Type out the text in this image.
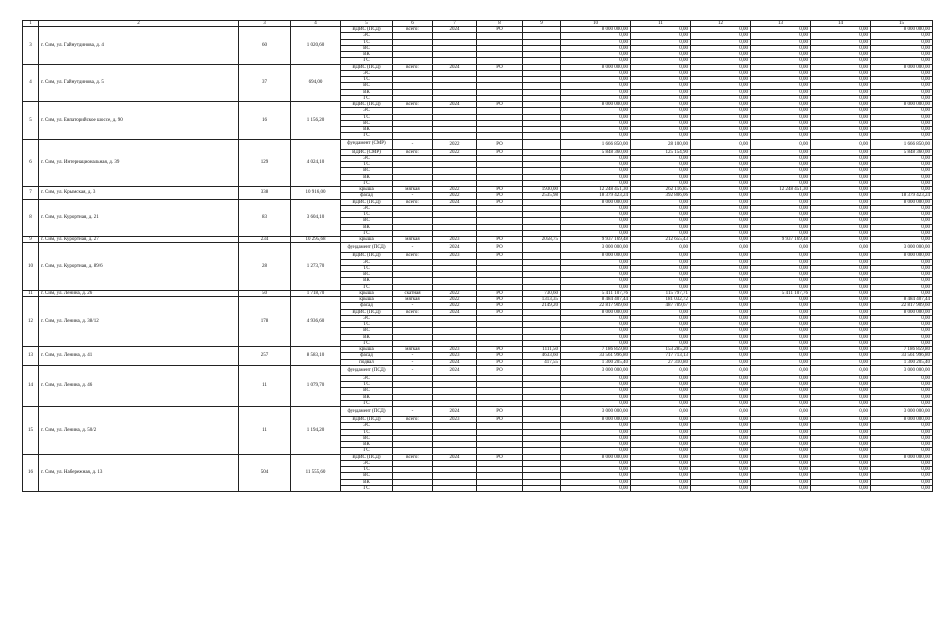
1	2	3	4	5	6	7	8	9	10	11	12	13	14	15
3	г. Сим, ул. Гайнутдинова, д. 4	60	1 020,60	ВДИС (ПСД)	всего:	2024	РО		8 000 000,00	0,00	0,00	0,00	0,00	8 000 000,00
				ЭС					0,00	0,00	0,00	0,00	0,00	0,00
				ТС					0,00	0,00	0,00	0,00	0,00	0,00
				ВС					0,00	0,00	0,00	0,00	0,00	0,00
				ВК					0,00	0,00	0,00	0,00	0,00	0,00
				ГС					0,00	0,00	0,00	0,00	0,00	0,00
4	г. Сим, ул. Гайнутдинова, д. 5	37	694,00	ВДИС (ПСД)	всего:	2024	РО		8 000 000,00	0,00	0,00	0,00	0,00	8 000 000,00
				ЭС					0,00	0,00	0,00	0,00	0,00	0,00
				ТС					0,00	0,00	0,00	0,00	0,00	0,00
				ВС					0,00	0,00	0,00	0,00	0,00	0,00
				ВК					0,00	0,00	0,00	0,00	0,00	0,00
				ГС					0,00	0,00	0,00	0,00	0,00	0,00
5	г. Сим, ул. Евпаторийское шоссе, д. 90	16	1 156,20	ВДИС (ПСД)	всего:	2024	РО		8 000 000,00	0,00	0,00	0,00	0,00	8 000 000,00
				ЭС					0,00	0,00	0,00	0,00	0,00	0,00
				ТС					0,00	0,00	0,00	0,00	0,00	0,00
				ВС					0,00	0,00	0,00	0,00	0,00	0,00
				ВК					0,00	0,00	0,00	0,00	0,00	0,00
				ГС					0,00	0,00	0,00	0,00	0,00	0,00
6	г. Сим, ул. Интернациональная, д. 39	129	4 024,10	фундамент (СМР)	-	2022	РО		1 666 850,00	28 100,00	0,00	0,00	0,00	1 666 850,00
				ВДИС (СМР)	всего:	2022	РО		5 848 360,00	125 154,90	0,00	0,00	0,00	5 848 360,00
				ЭС					0,00	0,00	0,00	0,00	0,00	0,00
				ТС					0,00	0,00	0,00	0,00	0,00	0,00
				ВС					0,00	0,00	0,00	0,00	0,00	0,00
				ВК					0,00	0,00	0,00	0,00	0,00	0,00
				ГС					0,00	0,00	0,00	0,00	0,00	0,00
7	г. Сим, ул. Крымская, д. 3	338	10 916,00	крыша	мягкая	2022	РО	1930,00	12 248 451,30	262 116,85	0,00	12 248 451,30	0,00	0,00
				фасад	-	2022	РО	2535,98	18 379 423,24	392 806,06	0,00	0,00	0,00	18 379 423,24
8	г. Сим, ул. Курортная, д. 21	83	3 604,10	ВДИС (ПСД)	всего:	2024	РО		8 000 000,00	0,00	0,00	0,00	0,00	8 000 000,00
				ЭС					0,00	0,00	0,00	0,00	0,00	0,00
				ТС					0,00	0,00	0,00	0,00	0,00	0,00
				ВС					0,00	0,00	0,00	0,00	0,00	0,00
				ВК					0,00	0,00	0,00	0,00	0,00	0,00
				ГС					0,00	0,00	0,00	0,00	0,00	0,00
9	г. Сим, ул. Курортная, д. 27	234	10 295,68	крыша	мягкая	2023	РО	2058,75	9 937 169,48	212 655,43	0,00	9 937 169,48	0,00	0,00
10	г. Сим, ул. Курортная, д. 89/6	28	1 273,70	фундамент (ПСД)	-	2024	РО		3 000 000,00	0,00	0,00	0,00	0,00	3 000 000,00
				ВДИС (ПСД)	всего:	2023	РО		8 000 000,00	0,00	0,00	0,00	0,00	8 000 000,00
				ЭС					0,00	0,00	0,00	0,00	0,00	0,00
				ТС					0,00	0,00	0,00	0,00	0,00	0,00
				ВС					0,00	0,00	0,00	0,00	0,00	0,00
				ВК					0,00	0,00	0,00	0,00	0,00	0,00
				ГС					0,00	0,00	0,00	0,00	0,00	0,00
11	г. Сим, ул. Ленина, д. 26	50	1 718,70	крыша	скатная	2022	РО	730,60	5 411 107,76	115 797,71	0,00	5 411 107,76	0,00	0,00
12	г. Сим, ул. Ленина, д. 38/12	178	4 936,60	крыша	мягкая	2022	РО	1313,35	8 484 407,44	181 032,72	0,00	0,00	0,00	8 484 407,44
				фасад	-	2022	РО	2149,20	22 817 909,60	487 789,67	0,00	0,00	0,00	22 817 909,60
				ВДИС (ПСД)	всего:	2024	РО		8 000 000,00	0,00	0,00	0,00	0,00	8 000 000,00
				ЭС					0,00	0,00	0,00	0,00	0,00	0,00
				ТС					0,00	0,00	0,00	0,00	0,00	0,00
				ВС					0,00	0,00	0,00	0,00	0,00	0,00
				ВК					0,00	0,00	0,00	0,00	0,00	0,00
				ГС					0,00	0,00	0,00	0,00	0,00	0,00
13	г. Сим, ул. Ленина, д. 41	257	8 583,10	крыша	мягкая	2023	РО	1111,50	7 186 859,80	153 285,20	0,00	0,00	0,00	7 186 859,80
				фасад	-	2023	РО	4633,60	33 561 996,80	717 713,13	0,00	0,00	0,00	33 561 996,80
				подвал	-	2024	РО	417,55	1 300 205,40	27 310,80	0,00	0,00	0,00	1 300 205,40
14	г. Сим, ул. Ленина, д. 46	11	1 079,70	фундамент (ПСД)	-	2024	РО		3 000 000,00	0,00	0,00	0,00	0,00	3 000 000,00
				ЭС					0,00	0,00	0,00	0,00	0,00	0,00
				ТС					0,00	0,00	0,00	0,00	0,00	0,00
				ВС					0,00	0,00	0,00	0,00	0,00	0,00
				ВК					0,00	0,00	0,00	0,00	0,00	0,00
				ГС					0,00	0,00	0,00	0,00	0,00	0,00
15	г. Сим, ул. Ленина, д. 50/2	11	1 194,20	фундамент (ПСД)	-	2024	РО		3 000 000,00	0,00	0,00	0,00	0,00	3 000 000,00
				ВДИС (ПСД)	всего:	2023	РО		8 000 000,00	0,00	0,00	0,00	0,00	8 000 000,00
				ЭС					0,00	0,00	0,00	0,00	0,00	0,00
				ТС					0,00	0,00	0,00	0,00	0,00	0,00
				ВС					0,00	0,00	0,00	0,00	0,00	0,00
				ВК					0,00	0,00	0,00	0,00	0,00	0,00
				ГС					0,00	0,00	0,00	0,00	0,00	0,00
16	г. Сим, ул. Набережная, д. 13	504	11 555,60	ВДИС (ПСД)	всего:	2024	РО		8 000 000,00	0,00	0,00	0,00	0,00	8 000 000,00
				ЭС					0,00	0,00	0,00	0,00	0,00	0,00
				ТС					0,00	0,00	0,00	0,00	0,00	0,00
				ВС					0,00	0,00	0,00	0,00	0,00	0,00
				ВК					0,00	0,00	0,00	0,00	0,00	0,00
				ГС					0,00	0,00	0,00	0,00	0,00	0,00
